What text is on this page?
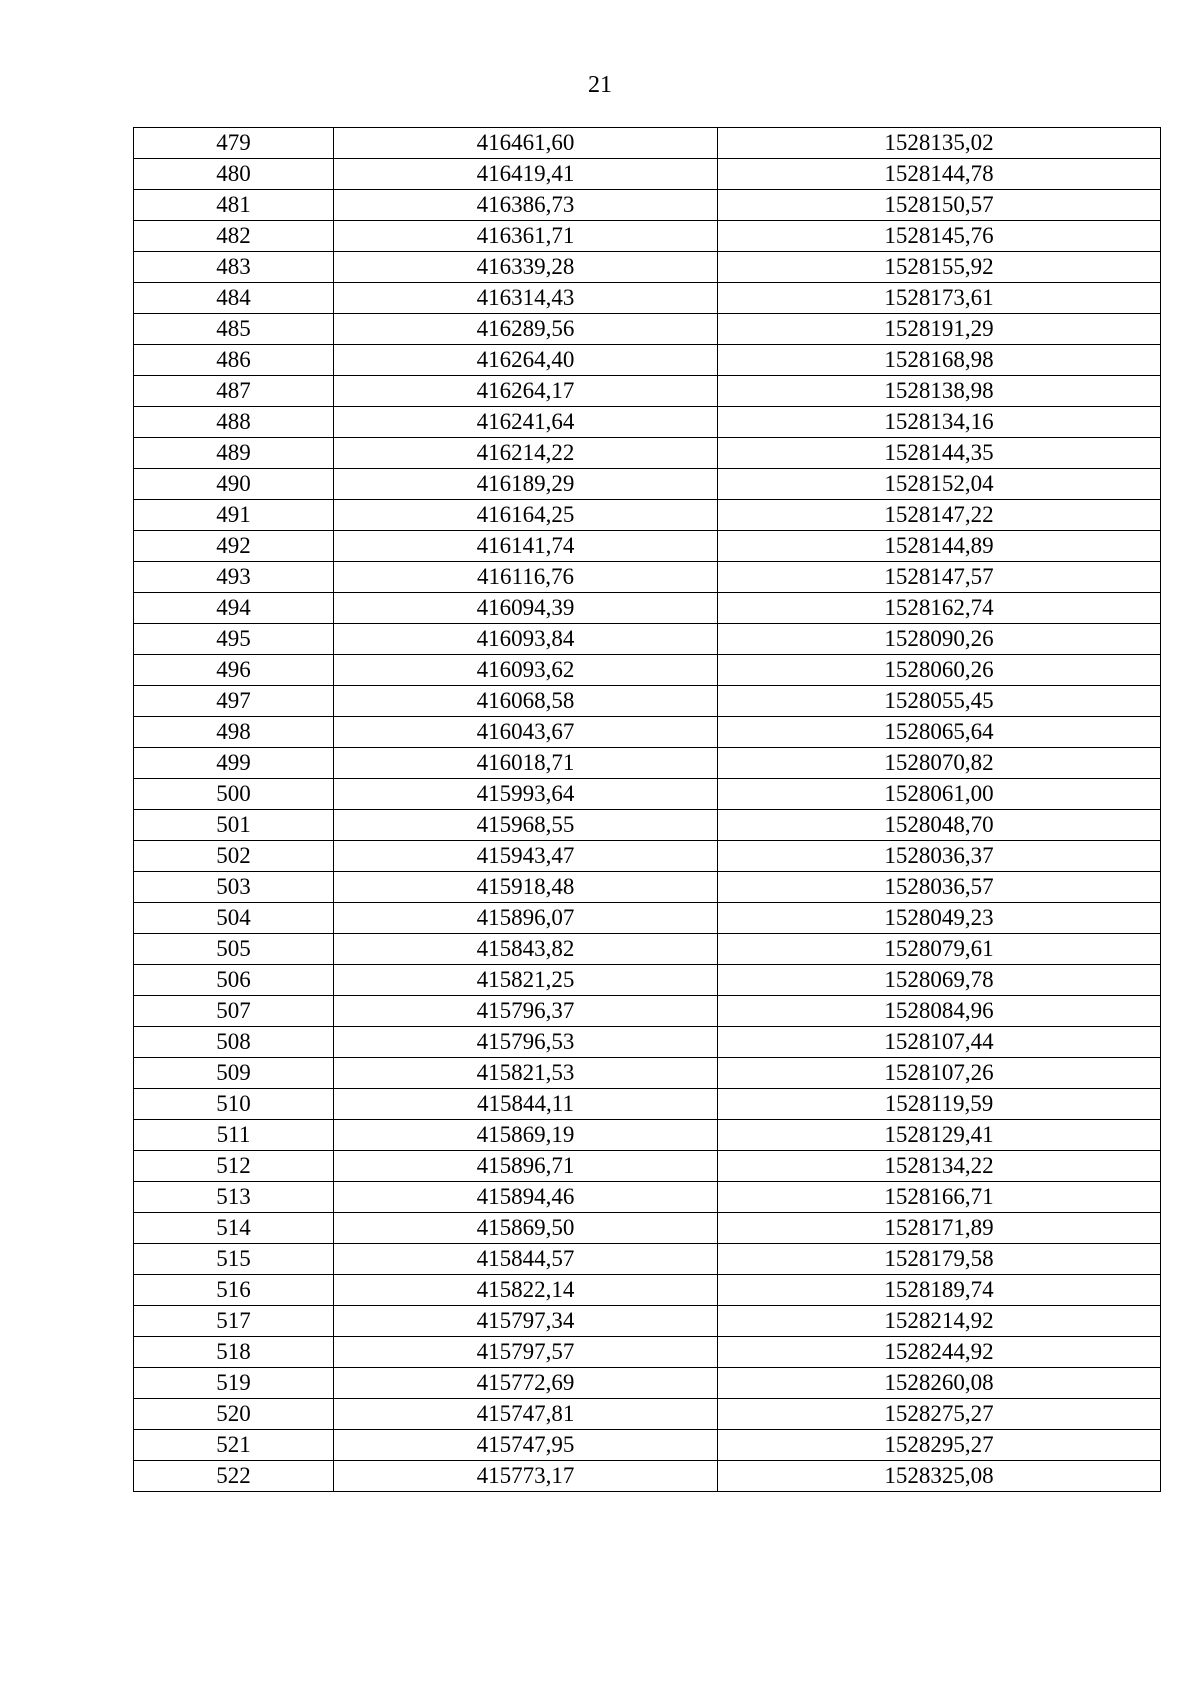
21
479	416461,60	1528135,02
480	416419,41	1528144,78
481	416386,73	1528150,57
482	416361,71	1528145,76
483	416339,28	1528155,92
484	416314,43	1528173,61
485	416289,56	1528191,29
486	416264,40	1528168,98
487	416264,17	1528138,98
488	416241,64	1528134,16
489	416214,22	1528144,35
490	416189,29	1528152,04
491	416164,25	1528147,22
492	416141,74	1528144,89
493	416116,76	1528147,57
494	416094,39	1528162,74
495	416093,84	1528090,26
496	416093,62	1528060,26
497	416068,58	1528055,45
498	416043,67	1528065,64
499	416018,71	1528070,82
500	415993,64	1528061,00
501	415968,55	1528048,70
502	415943,47	1528036,37
503	415918,48	1528036,57
504	415896,07	1528049,23
505	415843,82	1528079,61
506	415821,25	1528069,78
507	415796,37	1528084,96
508	415796,53	1528107,44
509	415821,53	1528107,26
510	415844,11	1528119,59
511	415869,19	1528129,41
512	415896,71	1528134,22
513	415894,46	1528166,71
514	415869,50	1528171,89
515	415844,57	1528179,58
516	415822,14	1528189,74
517	415797,34	1528214,92
518	415797,57	1528244,92
519	415772,69	1528260,08
520	415747,81	1528275,27
521	415747,95	1528295,27
522	415773,17	1528325,08
